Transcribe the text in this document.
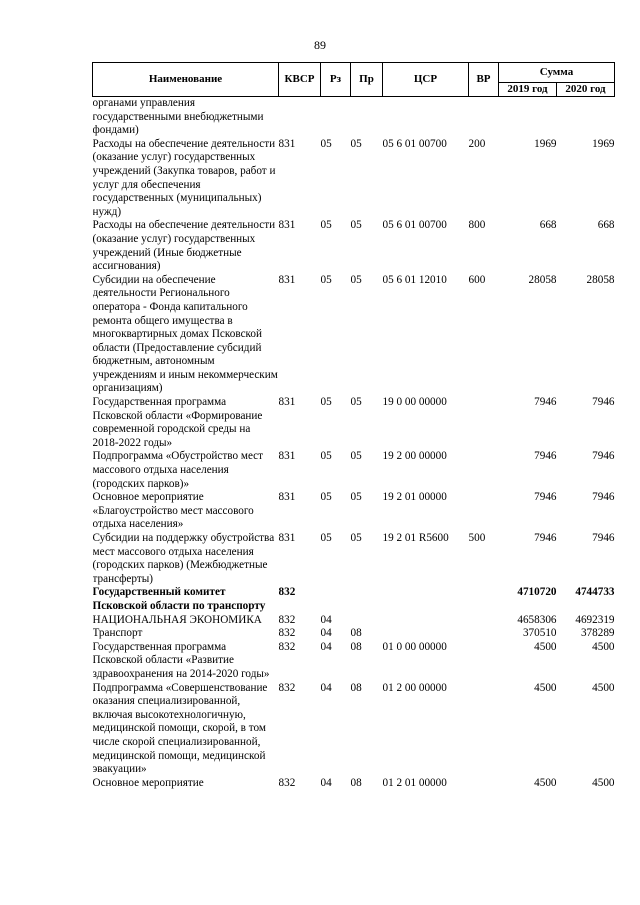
89
Наименование	КВСР	Рз	Пр	ЦСР	ВР	Сумма	
						2019 год	2020 год
органами управления государственными внебюджетными фондами)							
Расходы на обеспечение деятельности (оказание услуг) государственных учреждений (Закупка товаров, работ и услуг для обеспечения государственных (муниципальных) нужд)	831	05	05	05 6 01 00700	200	1969	1969
Расходы на обеспечение деятельности (оказание услуг) государственных учреждений (Иные бюджетные ассигнования)	831	05	05	05 6 01 00700	800	668	668
Субсидии на обеспечение деятельности Регионального оператора - Фонда капитального ремонта общего имущества в многоквартирных домах Псковской области (Предоставление субсидий бюджетным, автономным учреждениям и иным некоммерческим организациям)	831	05	05	05 6 01 12010	600	28058	28058
Государственная программа Псковской области «Формирование современной городской среды на 2018-2022 годы»	831	05	05	19 0 00 00000		7946	7946
Подпрограмма «Обустройство мест массового отдыха населения (городских парков)»	831	05	05	19 2 00 00000		7946	7946
Основное мероприятие «Благоустройство мест массового отдыха населения»	831	05	05	19 2 01 00000		7946	7946
Субсидии на поддержку обустройства мест массового отдыха населения (городских парков) (Межбюджетные трансферты)	831	05	05	19 2 01 R5600	500	7946	7946
Государственный комитет Псковской области по транспорту	832					4710720	4744733
НАЦИОНАЛЬНАЯ ЭКОНОМИКА	832	04				4658306	4692319
Транспорт	832	04	08			370510	378289
Государственная программа Псковской области «Развитие здравоохранения на 2014-2020 годы»	832	04	08	01 0 00 00000		4500	4500
Подпрограмма «Совершенствование оказания специализированной, включая высокотехнологичную, медицинской помощи, скорой, в том числе скорой специализированной, медицинской помощи, медицинской эвакуации»	832	04	08	01 2 00 00000		4500	4500
Основное мероприятие	832	04	08	01 2 01 00000		4500	4500
